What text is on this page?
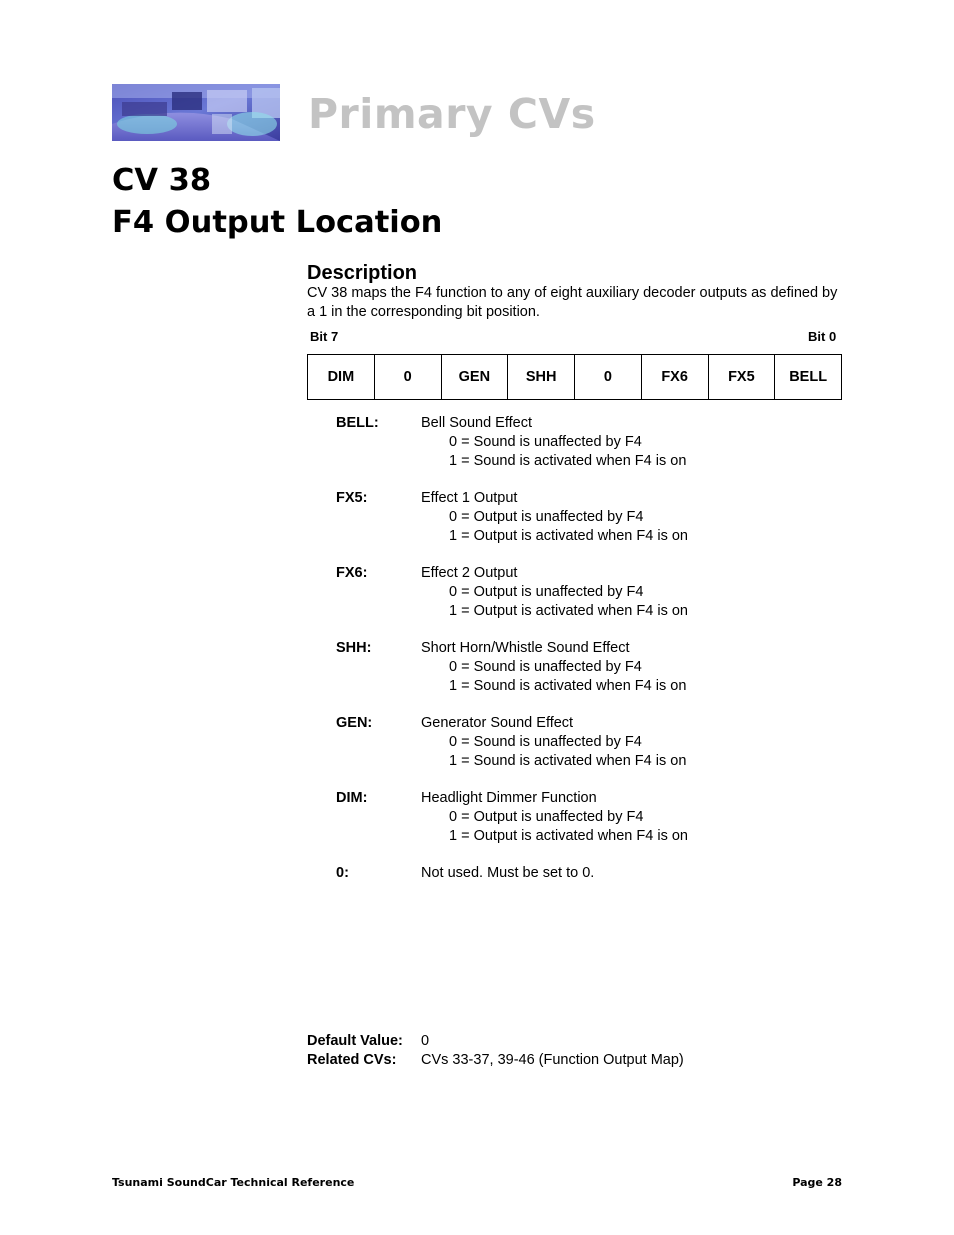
Primary CVs
CV 38
F4 Output Location
Description

CV 38 maps the F4 function to any of eight auxiliary decoder outputs as defined by a 1 in the corresponding bit position.

Bit 7	Bit 0
DIM	0	GEN	SHH	0	FX6	FX5	BELL
BELL:	Bell Sound Effect
0 = Sound is unaffected by F4
1 = Sound is activated when F4 is on
FX5:	Effect 1 Output
0 = Output is unaffected by F4
1 = Output is activated when F4 is on
FX6:	Effect 2 Output
0 = Output is unaffected by F4
1 = Output is activated when F4 is on
SHH:	Short Horn/Whistle Sound Effect
0 = Sound is unaffected by F4
1 = Sound is activated when F4 is on
GEN:	Generator Sound Effect
0 = Sound is unaffected by F4
1 = Sound is activated when F4 is on
DIM:	Headlight Dimmer Function
0 = Output is unaffected by F4
1 = Output is activated when F4 is on
0:	Not used. Must be set to 0.
Default Value: 0
Related CVs: CVs 33-37, 39-46 (Function Output Map)
Tsunami SoundCar Technical Reference	Page 28
